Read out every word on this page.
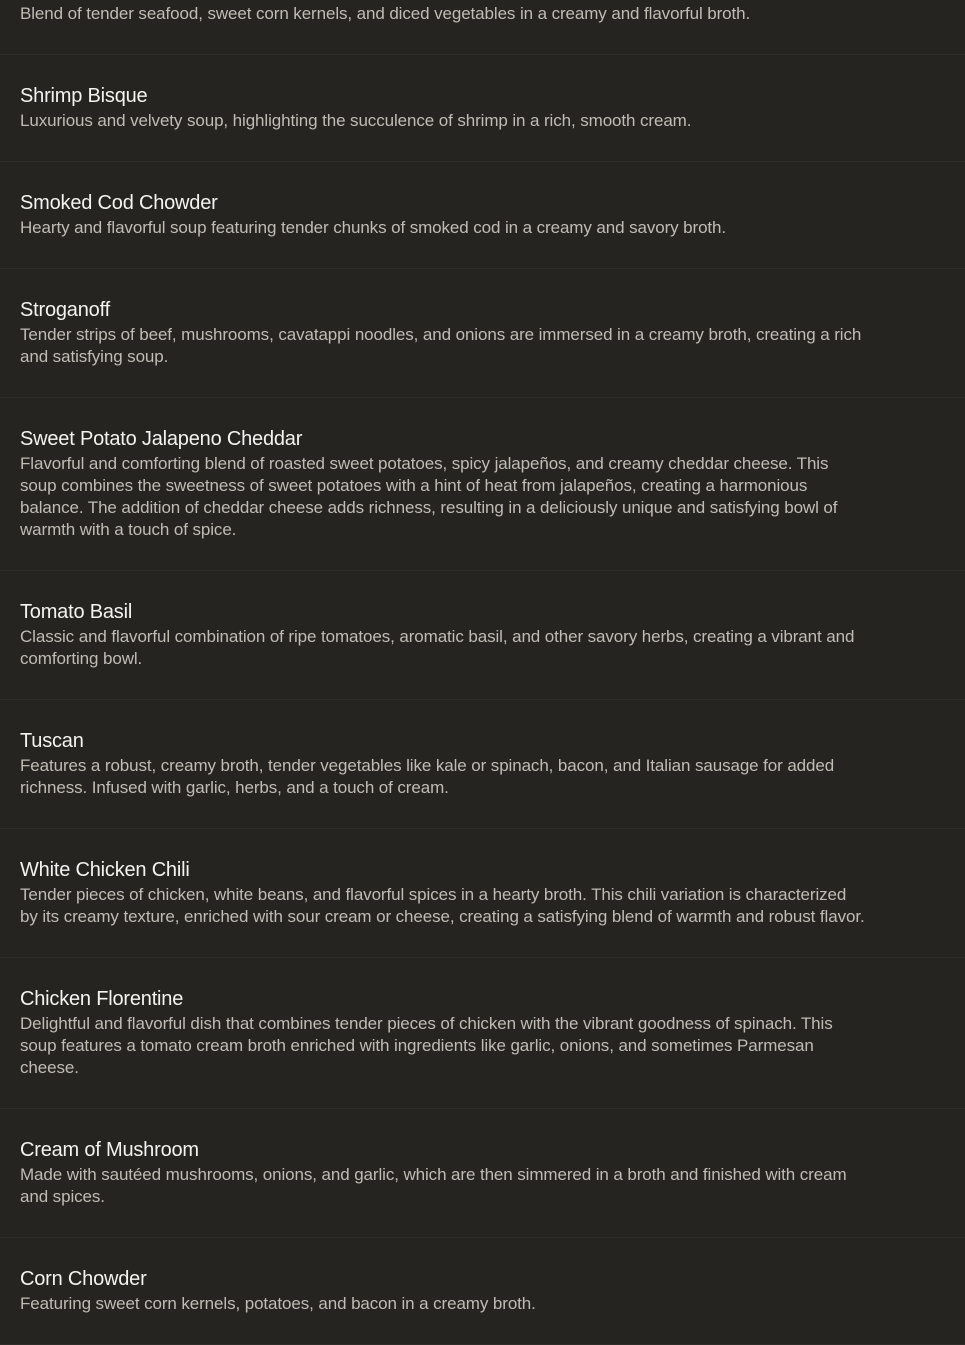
Blend of tender seafood, sweet corn kernels, and diced vegetables in a creamy and flavorful broth.

Shrimp Bisque

Luxurious and velvety soup, highlighting the succulence of shrimp in a rich, smooth cream.

Smoked Cod Chowder

Hearty and flavorful soup featuring tender chunks of smoked cod in a creamy and savory broth.

Stroganoff

Tender strips of beef, mushrooms, cavatappi noodles, and onions are immersed in a creamy broth, creating a rich and satisfying soup.

Sweet Potato Jalapeno Cheddar

Flavorful and comforting blend of roasted sweet potatoes, spicy jalapeños, and creamy cheddar cheese. This soup combines the sweetness of sweet potatoes with a hint of heat from jalapeños, creating a harmonious balance. The addition of cheddar cheese adds richness, resulting in a deliciously unique and satisfying bowl of warmth with a touch of spice.

Tomato Basil

Classic and flavorful combination of ripe tomatoes, aromatic basil, and other savory herbs, creating a vibrant and comforting bowl.

Tuscan

Features a robust, creamy broth, tender vegetables like kale or spinach, bacon, and Italian sausage for added richness. Infused with garlic, herbs, and a touch of cream.

White Chicken Chili

Tender pieces of chicken, white beans, and flavorful spices in a hearty broth. This chili variation is characterized by its creamy texture, enriched with sour cream or cheese, creating a satisfying blend of warmth and robust flavor.

Chicken Florentine

Delightful and flavorful dish that combines tender pieces of chicken with the vibrant goodness of spinach. This soup features a tomato cream broth enriched with ingredients like garlic, onions, and sometimes Parmesan cheese.

Cream of Mushroom

Made with sautéed mushrooms, onions, and garlic, which are then simmered in a broth and finished with cream and spices.

Corn Chowder

Featuring sweet corn kernels, potatoes, and bacon in a creamy broth.
